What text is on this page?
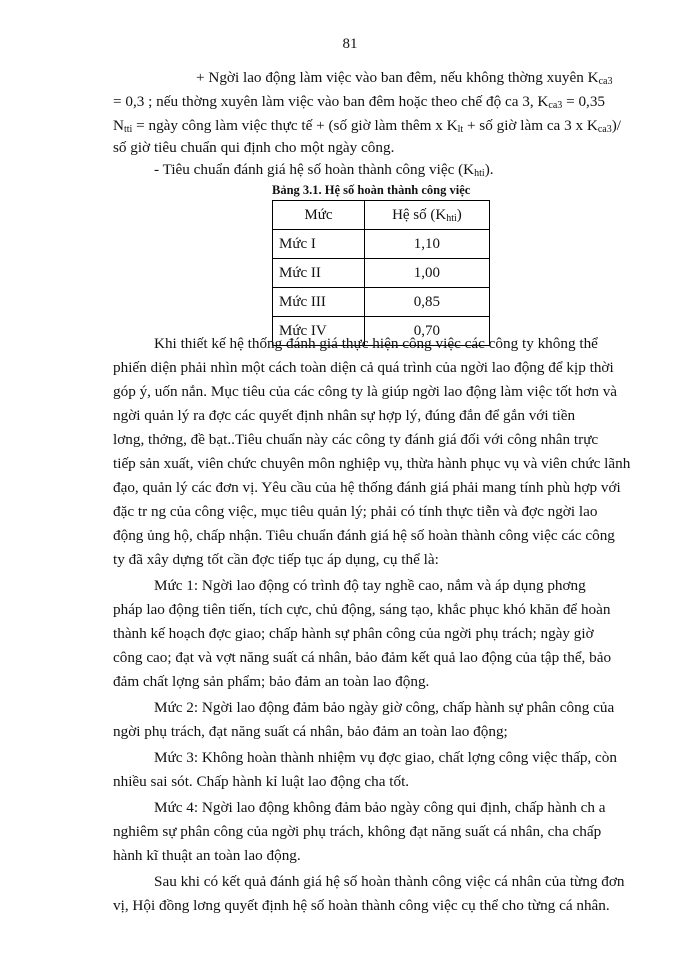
81
+ Ngời lao động làm việc vào ban đêm, nếu không thờng xuyên $K_{ca3}$
= 0,3 ; nếu thờng xuyên làm việc vào ban đêm hoặc theo chế độ ca 3, $K_{ca3} = 0,35$
$N_{tti}$ = ngày công làm việc thực tế + (số giờ làm thêm x $K_{lt}$ + số giờ làm ca 3 x $K_{ca3})/$
số giờ tiêu chuẩn qui định cho một ngày công.
- Tiêu chuẩn đánh giá hệ số hoàn thành công việc $(K_{hti})$.
Bảng 3.1. Hệ số hoàn thành công việc
Mức	Hệ số $(K_{hti})$
Mức I	1,10
Mức II	1,00
Mức III	0,85
Mức IV	0,70
Khi thiết kế hệ thống đánh giá thực hiện công việc các công ty không thể
phiến diện phải nhìn một cách toàn diện cả quá trình của ngời lao động để kịp thời
góp ý, uốn nắn. Mục tiêu của các công ty là giúp ngời lao động làm việc tốt hơn và
ngời quản lý ra đợc các quyết định nhân sự hợp lý, đúng đắn để gắn với tiền
lơng, thởng, đề bạt..Tiêu chuẩn này các công ty đánh giá đối với công nhân trực
tiếp sản xuất, viên chức chuyên môn nghiệp vụ, thừa hành phục vụ và viên chức lãnh
đạo, quản lý các đơn vị. Yêu cầu của hệ thống đánh giá phải mang tính phù hợp với
đặc tr ng của công việc, mục tiêu quản lý; phải có tính thực tiễn và đợc ngời lao
động ủng hộ, chấp nhận. Tiêu chuẩn đánh giá hệ số hoàn thành công việc các công
ty đã xây dựng tốt cần đợc tiếp tục áp dụng, cụ thể là:
Mức 1: Ngời lao động có trình độ tay nghề cao, nắm và áp dụng phơng
pháp lao động tiên tiến, tích cực, chủ động, sáng tạo, khắc phục khó khăn để hoàn
thành kế hoạch đợc giao; chấp hành sự phân công của ngời phụ trách; ngày giờ
công cao; đạt và vợt năng suất cá nhân, bảo đảm kết quả lao động của tập thể, bảo
đảm chất lợng sản phẩm; bảo đảm an toàn lao động.
Mức 2: Ngời lao động đảm bảo ngày giờ công, chấp hành sự phân công của
ngời phụ trách, đạt năng suất cá nhân, bảo đảm an toàn lao động;
Mức 3: Không hoàn thành nhiệm vụ đợc giao, chất lợng công việc thấp, còn
nhiều sai sót. Chấp hành kỉ luật lao động cha tốt.
Mức 4: Ngời lao động không đảm bảo ngày công qui định, chấp hành ch a
nghiêm sự phân công của ngời phụ trách, không đạt năng suất cá nhân, cha chấp
hành kĩ thuật an toàn lao động.
Sau khi có kết quả đánh giá hệ số hoàn thành công việc cá nhân của từng đơn
vị, Hội đồng lơng quyết định hệ số hoàn thành công việc cụ thể cho từng cá nhân.
